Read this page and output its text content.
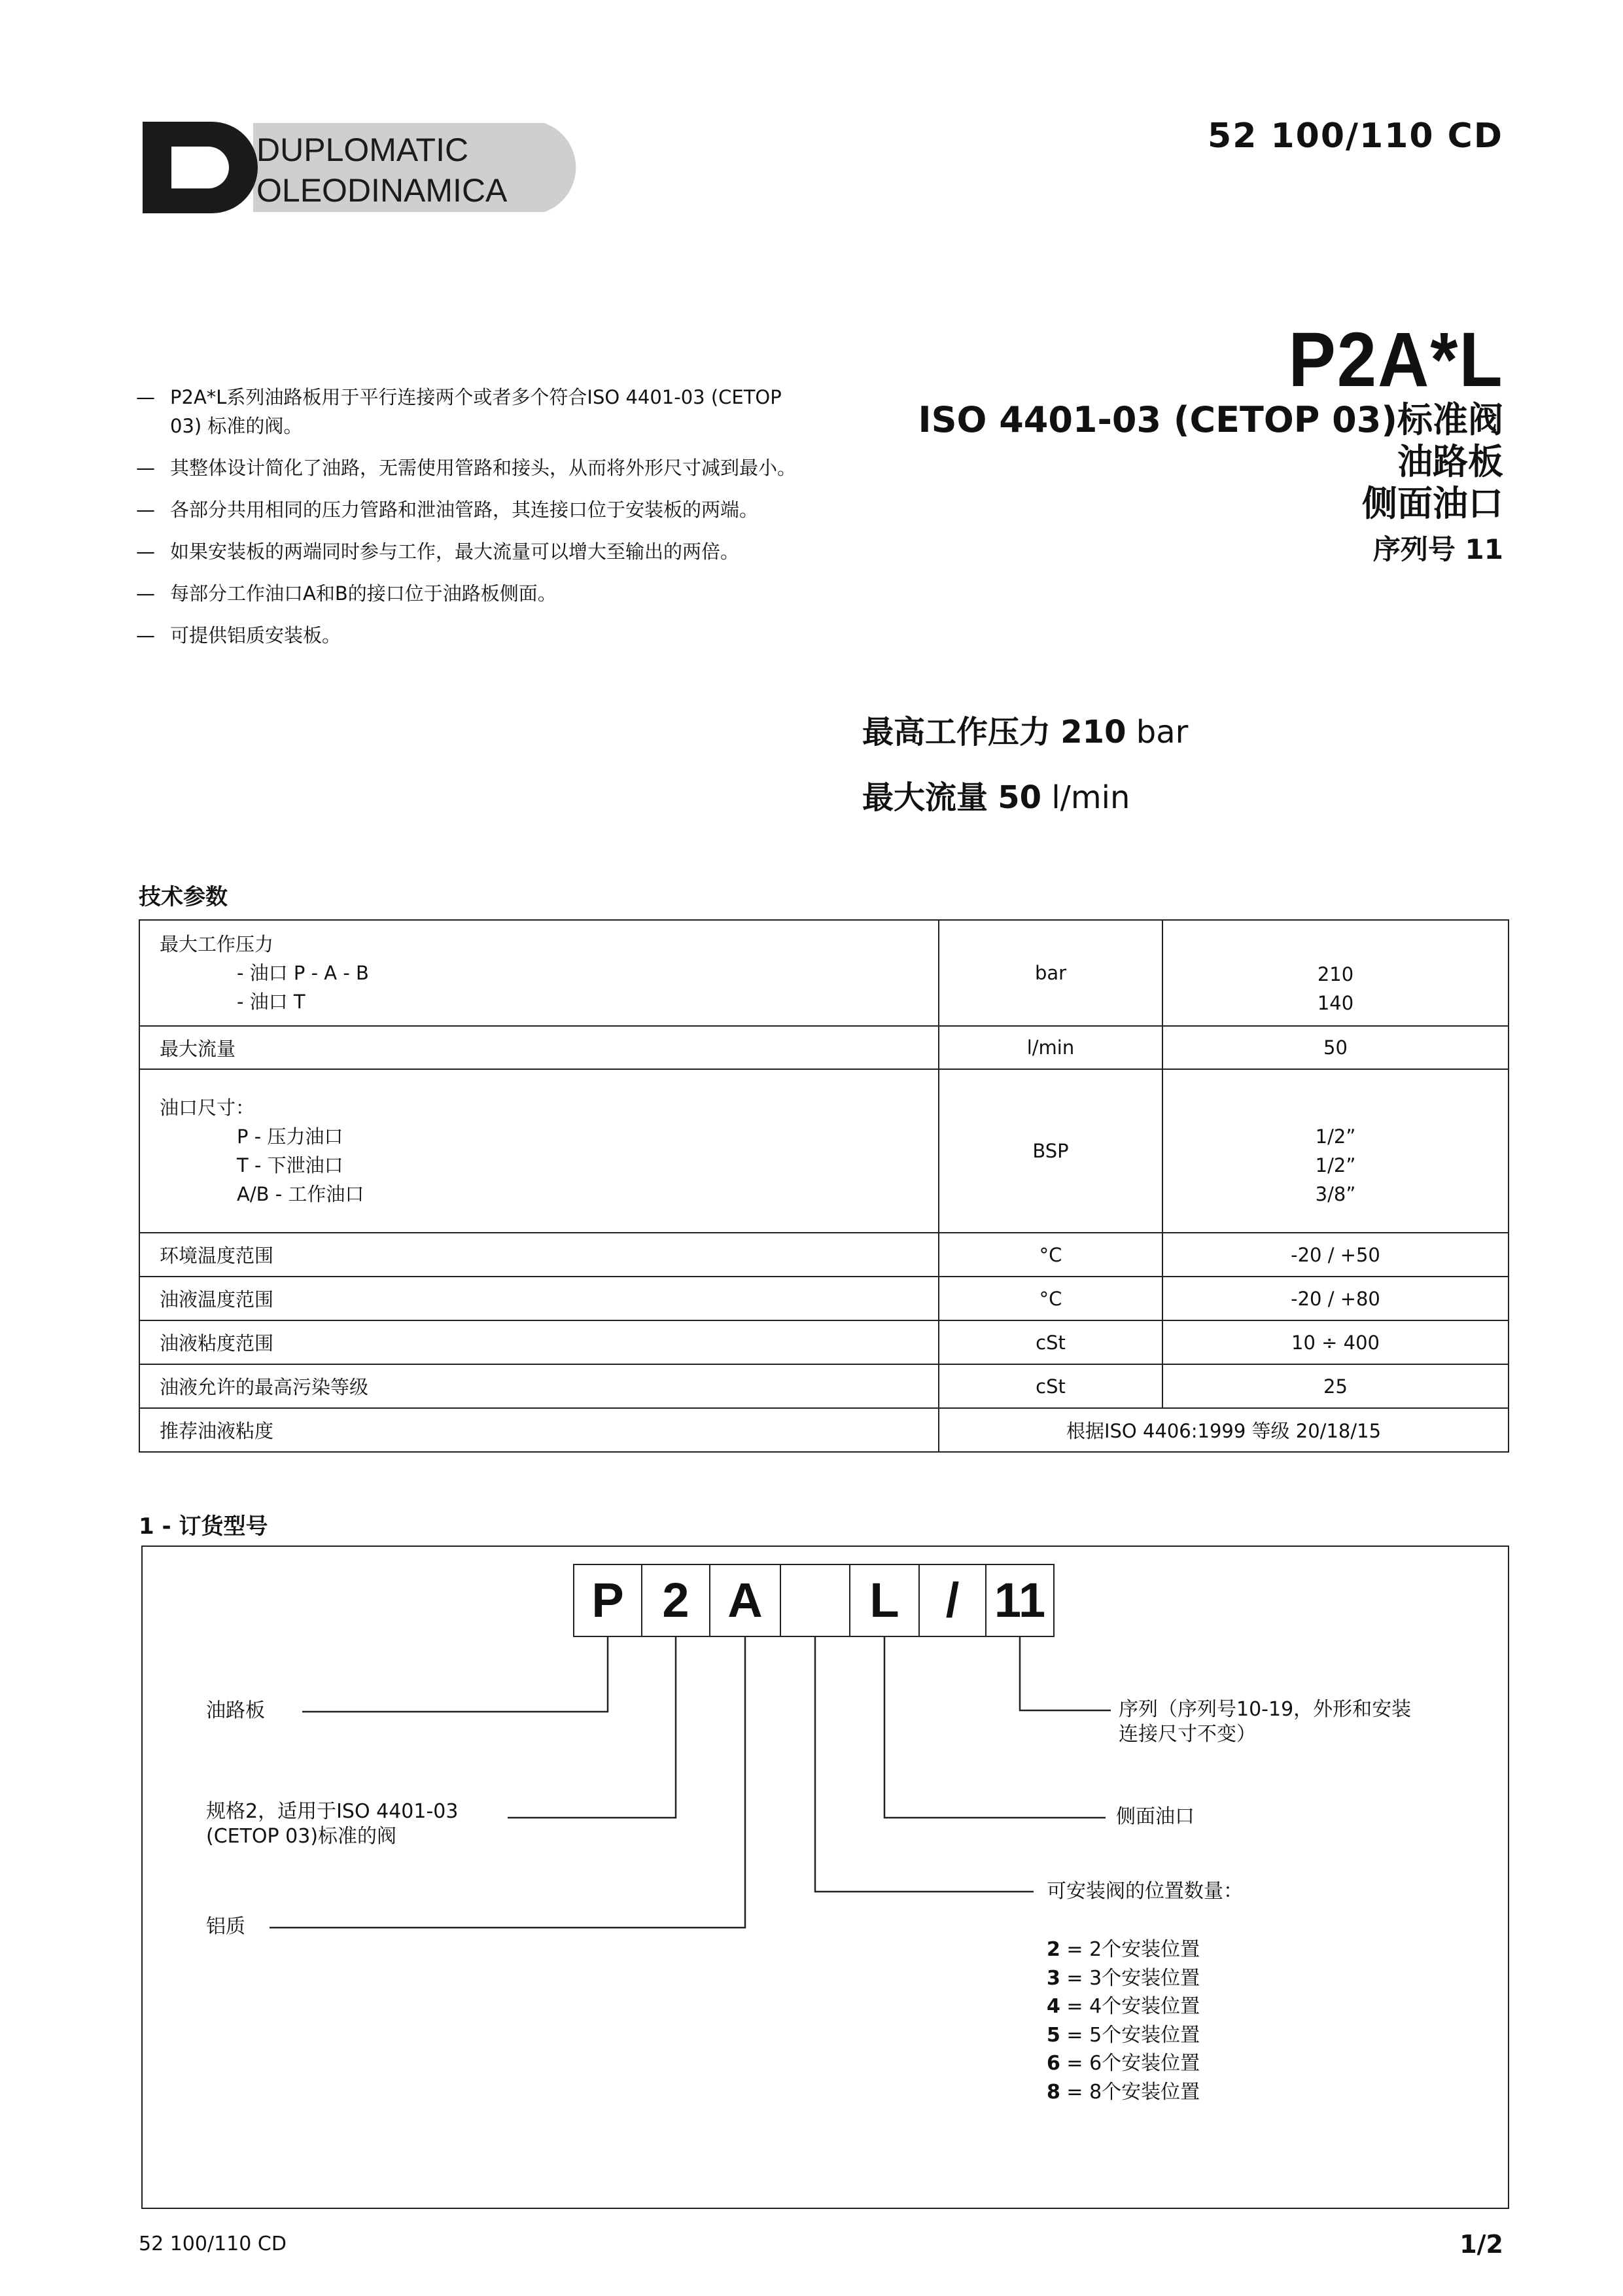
DUPLOMATIC
OLEODINAMICA
52 100/110 CD
— P2A*L系列油路板用于平行连接两个或者多个符合ISO 4401-03 (CETOP 03) 标准的阀。
— 其整体设计简化了油路，无需使用管路和接头，从而将外形尺寸减到最小。
— 各部分共用相同的压力管路和泄油管路，其连接口位于安装板的两端。
— 如果安装板的两端同时参与工作，最大流量可以增大至输出的两倍。
— 每部分工作油口A和B的接口位于油路板侧面。
— 可提供铝质安装板。
P2A*L
ISO 4401-03 (CETOP 03)标准阀
油路板
侧面油口
序列号 11
最高工作压力 210 bar
最大流量 50 l/min
技术参数
最大工作压力
- 油口 P - A - B
- 油口 T	bar	210
140

最大流量	l/min	50
油口尺寸：
P - 压力油口
T - 下泄油口
A/B - 工作油口	BSP	1/2”
1/2”
3/8”

环境温度范围	°C	-20 / +50
油液温度范围	°C	-20 / +80
油液粘度范围	cSt	10 ÷ 400
油液允许的最高污染等级	cSt	25
推荐油液粘度	根据ISO 4406:1999 等级 20/18/15	
1 - 订货型号
P 2 A	L / 11
油路板
规格2，适用于ISO 4401-03
(CETOP 03)标准的阀
铝质
序列（序列号10-19，外形和安装
连接尺寸不变）
侧面油口
可安装阀的位置数量：
2 = 2个安装位置
3 = 3个安装位置
4 = 4个安装位置
5 = 5个安装位置
6 = 6个安装位置
8 = 8个安装位置
52 100/110 CD	1/2
